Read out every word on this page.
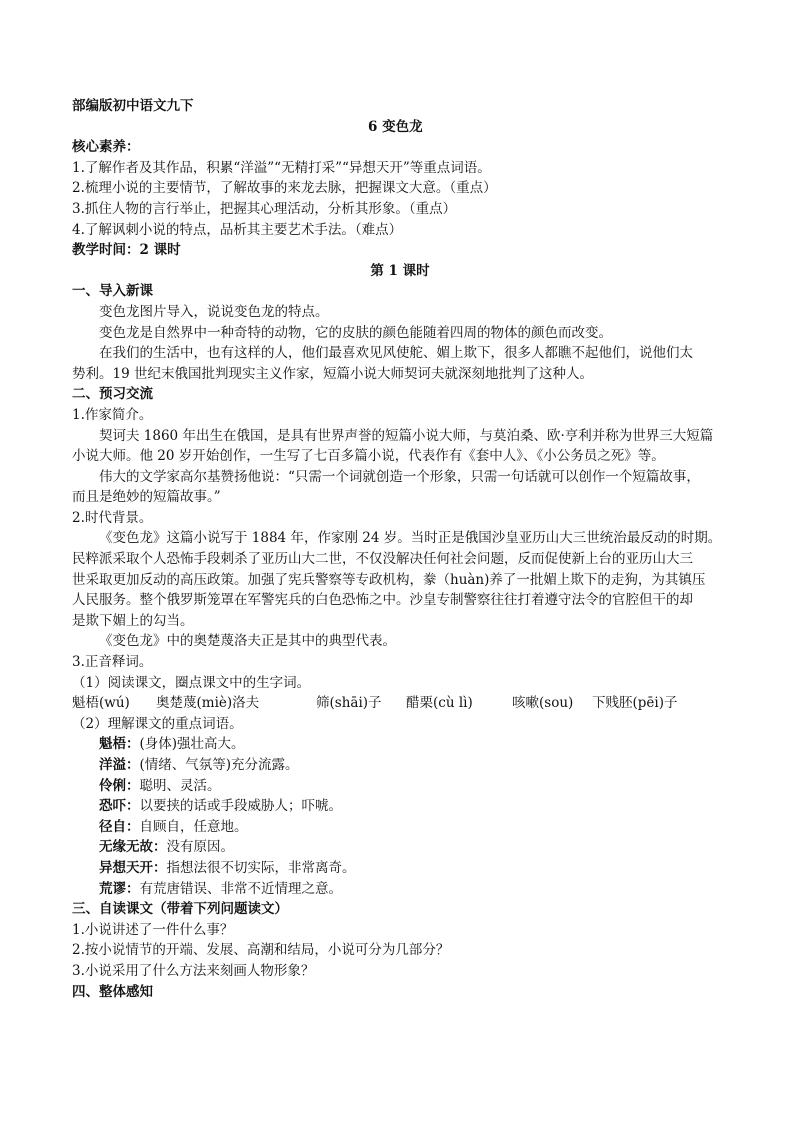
部编版初中语文九下
6 变色龙
核心素养：
1.了解作者及其作品，积累“洋溢”“无精打采”“异想天开”等重点词语。
2.梳理小说的主要情节，了解故事的来龙去脉，把握课文大意。（重点）
3.抓住人物的言行举止，把握其心理活动，分析其形象。（重点）
4.了解讽刺小说的特点，品析其主要艺术手法。（难点）
教学时间：2 课时
第 1 课时
一、导入新课
变色龙图片导入，说说变色龙的特点。
变色龙是自然界中一种奇特的动物，它的皮肤的颜色能随着四周的物体的颜色而改变。
在我们的生活中，也有这样的人，他们最喜欢见风使舵、媚上欺下，很多人都瞧不起他们，说他们太
势利。19 世纪末俄国批判现实主义作家，短篇小说大师契诃夫就深刻地批判了这种人。
二、预习交流
1.作家简介。
契诃夫 1860 年出生在俄国，是具有世界声誉的短篇小说大师，与莫泊桑、欧·亨利并称为世界三大短篇
小说大师。他 20 岁开始创作，一生写了七百多篇小说，代表作有《套中人》、《小公务员之死》等。
伟大的文学家高尔基赞扬他说：“只需一个词就创造一个形象，只需一句话就可以创作一个短篇故事，
而且是绝妙的短篇故事。”
2.时代背景。
《变色龙》这篇小说写于 1884 年，作家刚 24 岁。当时正是俄国沙皇亚历山大三世统治最反动的时期。
民粹派采取个人恐怖手段刺杀了亚历山大二世，不仅没解决任何社会问题，反而促使新上台的亚历山大三
世采取更加反动的高压政策。加强了宪兵警察等专政机构，豢（huàn)养了一批媚上欺下的走狗，为其镇压
人民服务。整个俄罗斯笼罩在军警宪兵的白色恐怖之中。沙皇专制警察往往打着遵守法令的官腔但干的却
是欺下媚上的勾当。
《变色龙》中的奥楚蔑洛夫正是其中的典型代表。
3.正音释词。
（1）阅读课文，圈点课文中的生字词。
魁梧(wú)	奥楚蔑(miè)洛夫	筛(shāi)子	醋栗(cù lì)	咳嗽(sou)	下贱胚(pēi)子
（2）理解课文的重点词语。
魁梧：(身体)强壮高大。
洋溢：(情绪、气氛等)充分流露。
伶俐：聪明、灵活。
恐吓：以要挟的话或手段威胁人；吓唬。
径自：自顾自，任意地。
无缘无故：没有原因。
异想天开：指想法很不切实际，非常离奇。
荒谬：有荒唐错误、非常不近情理之意。
三、自读课文（带着下列问题读文）
1.小说讲述了一件什么事？
2.按小说情节的开端、发展、高潮和结局，小说可分为几部分？
3.小说采用了什么方法来刻画人物形象？
四、整体感知
